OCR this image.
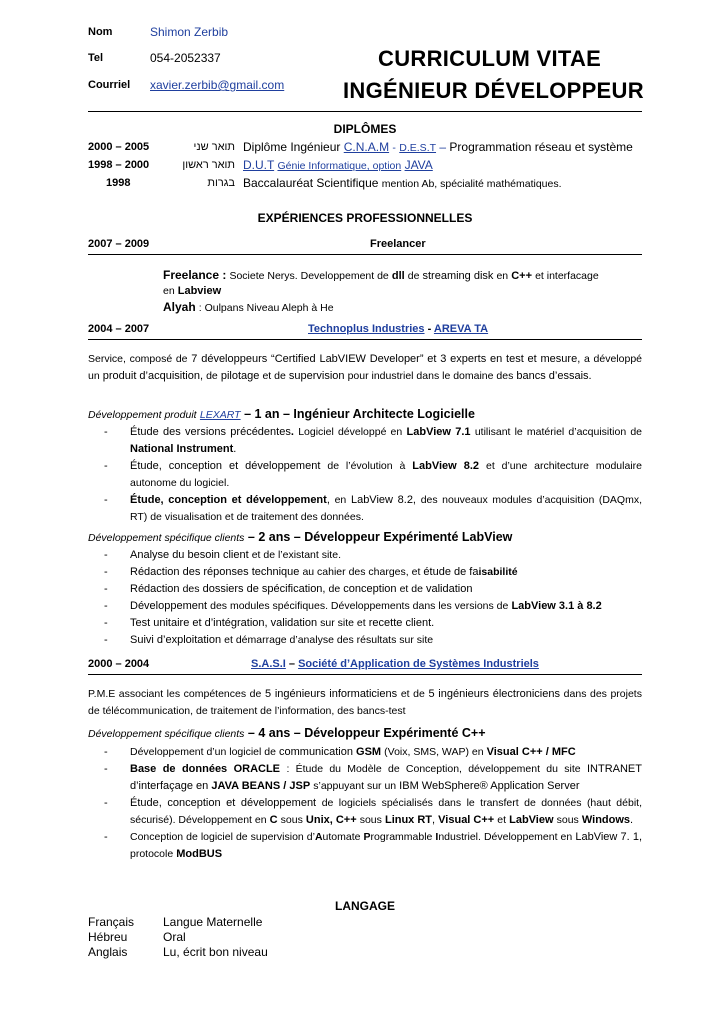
Nom	Shimon Zerbib
Tel	054-2052337
Courriel xavier.zerbib@gmail.com
CURRICULUM VITAE
INGÉNIEUR DÉVELOPPEUR
DIPLÔMES
2000 – 2005	תואר שני Diplôme Ingénieur C.N.A.M - D.E.S.T – Programmation réseau et système
1998 – 2000	תואר ראשון D.U.T Génie Informatique, option JAVA
1998	בגרות Baccalauréat Scientifique mention Ab, spécialité mathématiques.
EXPÉRIENCES PROFESSIONNELLES
2007 – 2009	Freelancer
Freelance : Societe Nerys. Developpement de dll de streaming disk en C++ et interfacage
en Labview
Alyah : Oulpans Niveau Aleph à He
2004 – 2007	Technoplus Industries - AREVA TA
Service, composé de 7 développeurs “Certified LabVIEW Developer” et 3 experts en test et mesure, a développé un produit d’acquisition, de pilotage et de supervision pour industriel dans le domaine des bancs d’essais.
Développement produit LEXART – 1 an – Ingénieur Architecte Logicielle
- Étude des versions précédentes. Logiciel développé en LabView 7.1 utilisant le matériel d’acquisition de National Instrument.
- Étude, conception et développement de l’évolution à LabView 8.2 et d’une architecture modulaire autonome du logiciel.
- Étude, conception et développement, en LabView 8.2, des nouveaux modules d’acquisition (DAQmx, RT) de visualisation et de traitement des données.
Développement spécifique clients – 2 ans – Développeur Expérimenté LabView
- Analyse du besoin client et de l’existant site.
- Rédaction des réponses technique au cahier des charges, et étude de faisabilité
- Rédaction des dossiers de spécification, de conception et de validation
- Développement des modules spécifiques. Développements dans les versions de LabView 3.1 à 8.2
- Test unitaire et d’intégration, validation sur site et recette client.
- Suivi d’exploitation et démarrage d’analyse des résultats sur site
2000 – 2004	S.A.S.I – Société d’Application de Systèmes Industriels
P.M.E associant les compétences de 5 ingénieurs informaticiens et de 5 ingénieurs électroniciens dans des projets de télécommunication, de traitement de l’information, des bancs-test
Développement spécifique clients – 4 ans – Développeur Expérimenté C++
- Développement d’un logiciel de communication GSM (Voix, SMS, WAP) en Visual C++ / MFC
- Base de données ORACLE : Étude du Modèle de Conception, développement du site INTRANET d’interfaçage en JAVA BEANS / JSP s’appuyant sur un IBM WebSphere® Application Server
- Étude, conception et développement de logiciels spécialisés dans le transfert de données (haut débit, sécurisé). Développement en C sous Unix, C++ sous Linux RT, Visual C++ et LabView sous Windows.
- Conception de logiciel de supervision d’Automate Programmable Industriel. Développement en LabView 7. 1, protocole ModBUS
LANGAGE
Français Langue Maternelle
Hébreu	Oral
Anglais	Lu, écrit bon niveau
